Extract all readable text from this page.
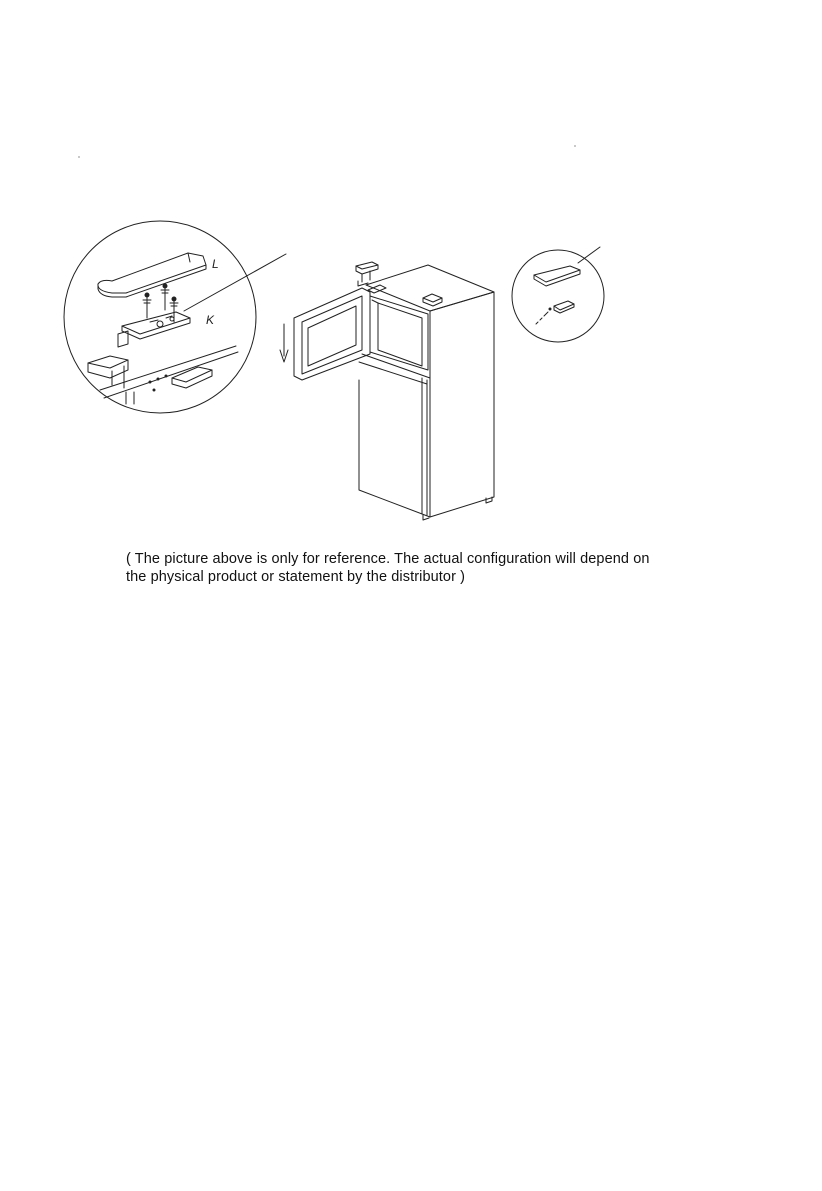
L
K
( The picture above is only for reference. The actual configuration will depend on
the physical product or statement by the distributor )
